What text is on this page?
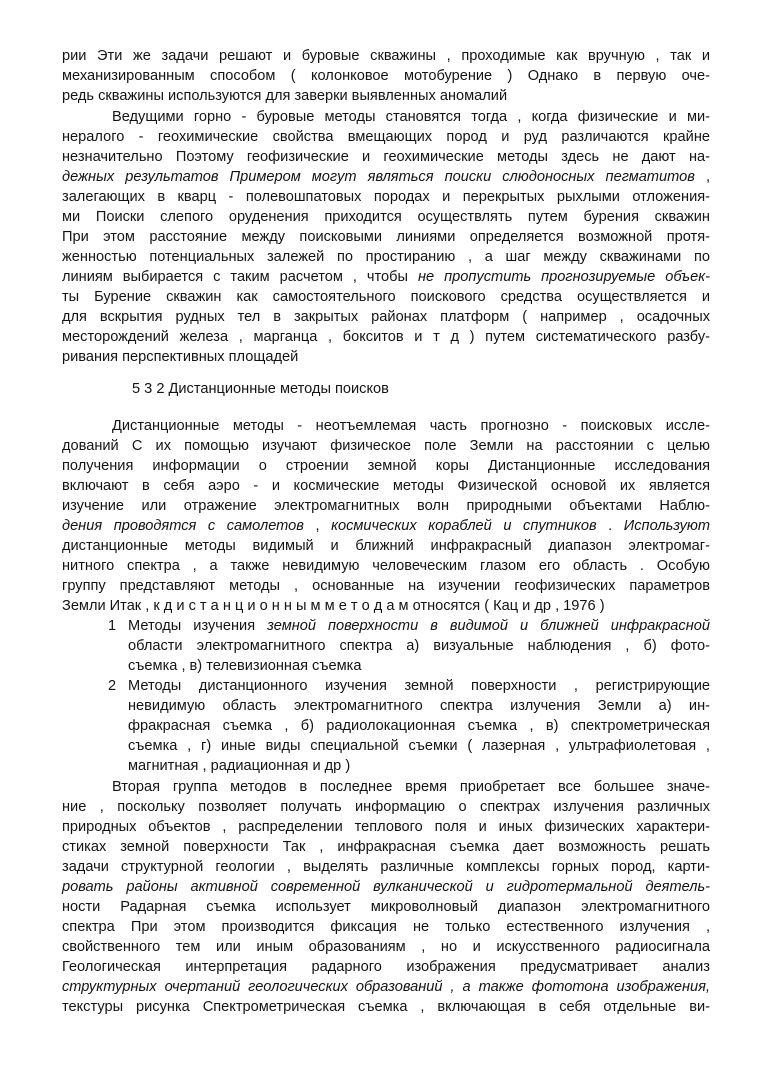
рии Эти же задачи решают и буровые скважины , проходимые как вручную , так и
механизированным способом ( колонковое мотобурение ) Однако в первую оче-
редь скважины используются для заверки выявленных аномалий
Ведущими горно - буровые методы становятся тогда , когда физические и ми-
нералого - геохимические свойства вмещающих пород и руд различаются крайне
незначительно Поэтому геофизические и геохимические методы здесь не дают на-
дежных результатов Примером могут являться поиски слюдоносных пегматитов ,
залегающих в кварц - полевошпатовых породах и перекрытых рыхлыми отложения-
ми Поиски слепого оруденения приходится осуществлять путем бурения скважин
При этом расстояние между поисковыми линиями определяется возможной протя-
женностью потенциальных залежей по простиранию , а шаг между скважинами по
линиям выбирается с таким расчетом , чтобы не пропустить прогнозируемые объек-
ты Бурение скважин как самостоятельного поискового средства осуществляется и
для вскрытия рудных тел в закрытых районах платформ ( например , осадочных
месторождений железа , марганца , бокситов и т д ) путем систематического разбу-
ривания перспективных площадей
5 3 2 Дистанционные методы поисков
Дистанционные методы - неотъемлемая часть прогнозно - поисковых иссле-
дований С их помощью изучают физическое поле Земли на расстоянии с целью
получения информации о строении земной коры Дистанционные исследования
включают в себя аэро - и космические методы Физической основой их является
изучение или отражение электромагнитных волн природными объектами Наблю-
дения проводятся с самолетов , космических кораблей и спутников . Используют
дистанционные методы видимый и ближний инфракрасный диапазон электромаг-
нитного спектра , а также невидимую человеческим глазом его область . Особую
группу представляют методы , основанные на изучении геофизических параметров
Земли Итак , к д и с т а н ц и о н н ы м м е т о д а м относятся ( Кац и др , 1976 )
1 Методы изучения земной поверхности в видимой и ближней инфракрасной
области электромагнитного спектра а) визуальные наблюдения , б) фото-
съемка , в) телевизионная съемка
2 Методы дистанционного изучения земной поверхности , регистрирующие
невидимую область электромагнитного спектра излучения Земли а) ин-
фракрасная съемка , б) радиолокационная съемка , в) спектрометрическая
съемка , г) иные виды специальной съемки ( лазерная , ультрафиолетовая ,
магнитная , радиационная и др )
Вторая группа методов в последнее время приобретает все большее значе-
ние , поскольку позволяет получать информацию о спектрах излучения различных
природных объектов , распределении теплового поля и иных физических характери-
стиках земной поверхности Так , инфракрасная съемка дает возможность решать
задачи структурной геологии , выделять различные комплексы горных пород, карти-
ровать районы активной современной вулканической и гидротермальной деятель-
ности Радарная съемка использует микроволновый диапазон электромагнитного
спектра При этом производится фиксация не только естественного излучения ,
свойственного тем или иным образованиям , но и искусственного радиосигнала
Геологическая интерпретация радарного изображения предусматривает анализ
структурных очертаний геологических образований , а также фототона изображения,
текстуры рисунка Спектрометрическая съемка , включающая в себя отдельные ви-
